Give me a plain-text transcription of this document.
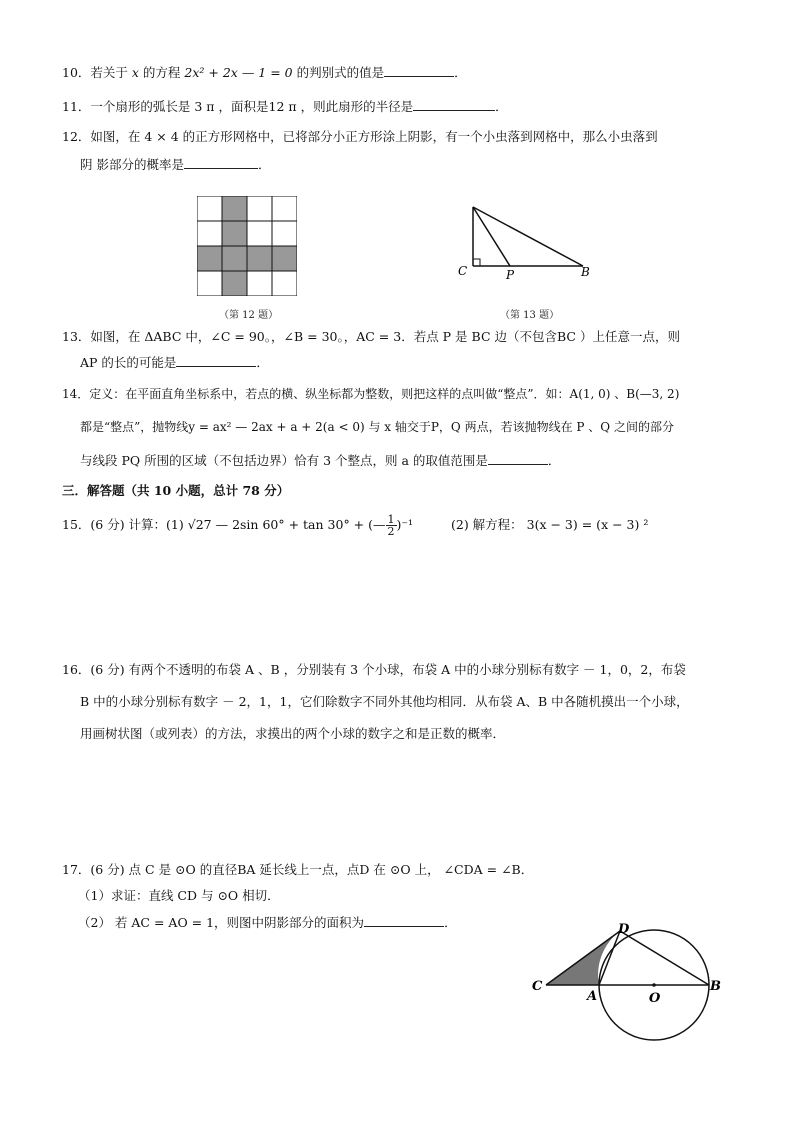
10．若关于 x 的方程 2x² + 2x — 1 = 0 的判别式的值是	．
11．一个扇形的弧长是 3 π ，面积是12 π ，则此扇形的半径是	．
12．如图，在 4 × 4 的正方形网格中，已将部分小正方形涂上阴影，有一个小虫落到网格中，那么小虫落到
阴 影部分的概率是	．
（第 12 题）
C	P	B
（第 13 题）
13．如图，在 ΔABC 中，∠C = 90。，∠B = 30。，AC = 3．若点 P 是 BC 边（不包含BC ）上任意一点，则
AP 的长的可能是	．
14．定义：在平面直角坐标系中，若点的横、纵坐标都为整数，则把这样的点叫做“整点”．如：A(1, 0) 、B(—3, 2)
都是“整点”，抛物线y = ax² — 2ax + a + 2(a < 0) 与 x 轴交于P，Q 两点，若该抛物线在 P 、Q 之间的部分
与线段 PQ 所围的区域（不包括边界）恰有 3 个整点，则 a 的取值范围是	．
三．解答题（共 10 小题，总计 78 分）
15．(6 分) 计算：(1) √27 — 2sin 60° + tan 30° + (— $\frac{1}{2} )^{-1}$	(2) 解方程： 3(x − 3) = (x − 3) ²
16．(6 分) 有两个不透明的布袋 A 、B ，分别装有 3 个小球，布袋 A 中的小球分别标有数字 － 1，0，2，布袋
B 中的小球分别标有数字 － 2，1，1，它们除数字不同外其他均相同．从布袋 A、B 中各随机摸出一个小球，
用画树状图（或列表）的方法，求摸出的两个小球的数字之和是正数的概率．
17．(6 分) 点 C 是 ⊙O 的直径BA 延长线上一点，点D 在 ⊙O 上， ∠CDA = ∠B．
（1）求证：直线 CD 与 ⊙O 相切．
（2） 若 AC = AO = 1，则图中阴影部分的面积为	．
C
A	O
B
D
